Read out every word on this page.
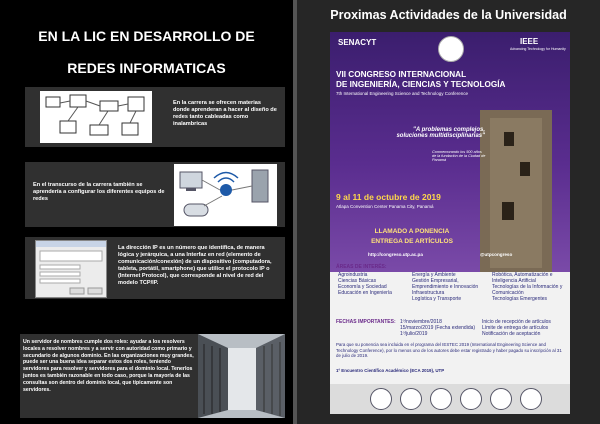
EN LA LIC EN DESARROLLO DE
REDES INFORMATICAS
En la carrera se ofrecen materias donde aprenderan a hacer al diseño de redes tanto cableadas como inalambricas
En el transcurso de la carrera también se aprendería a configurar los diferentes equipos de redes
La dirección IP es un número que identifica, de manera lógica y jerárquica, a una Interfaz en red (elemento de comunicación/conexión) de un dispositivo (computadora, tableta, portátil, smartphone) que utilice el protocolo IP o (Internet Protocol), que corresponde al nivel de red del modelo TCP/IP.
Un servidor de nombres cumple dos roles: ayudar a los resolvers locales a resolver nombres y a servir con autoridad como primario y secundario de algunos dominio. En las organizaciones muy grandes, puede ser una buena idea separar estos dos roles, teniendo servidores para resolver y servidores para el dominio local. Tenerlos juntos es también razonable en todo caso, porque la mayoría de las consultas son dentro del dominio local, que típicamente son servidores.
Proximas Actividades de la Universidad
SENACYT	IEEE
Advancing Technology for Humanity
VII CONGRESO INTERNACIONAL
DE INGENIERÍA, CIENCIAS Y TECNOLOGÍA
7th International Engineering Science and Technology Conference
"A problemas complejos, soluciones multidisciplinarias"
Conmemorando los 500 años de la fundación de la Ciudad de Panamá
9 al 11 de octubre de 2019
Atlapa Convention Center Panama City, Panamá
LLAMADO A PONENCIA
ENTREGA DE ARTÍCULOS
http://congreso.utp.ac.pa	@utpcongreso
ÁREAS DE INTERÉS:
Agroindustria
Ciencias Básicas
Economía y Sociedad
Educación en Ingeniería
Energía y Ambiente
Gestión Empresarial, Emprendimiento e Innovación
Infraestructura
Logística y Transporte
Robótica, Automatización e Inteligencia Artificial
Tecnologías de la Información y Comunicación
Tecnologías Emergentes
FECHAS IMPORTANTES: 1º/noviembre/2018
15/marzo/2019 (Fecha extendida)
1º/julio/2019
Inicio de recepción de artículos
Límite de entrega de artículos
Notificación de aceptación
Para que su ponencia sea incluida en el programa del IESTEC 2019 (International Engineering Science and Technology Conference), por lo menos uno de los autores debe estar registrado y haber pagado su inscripción al 31 de julio de 2019.
1º Encuentro Científico Académico (ECA 2019), UTP
